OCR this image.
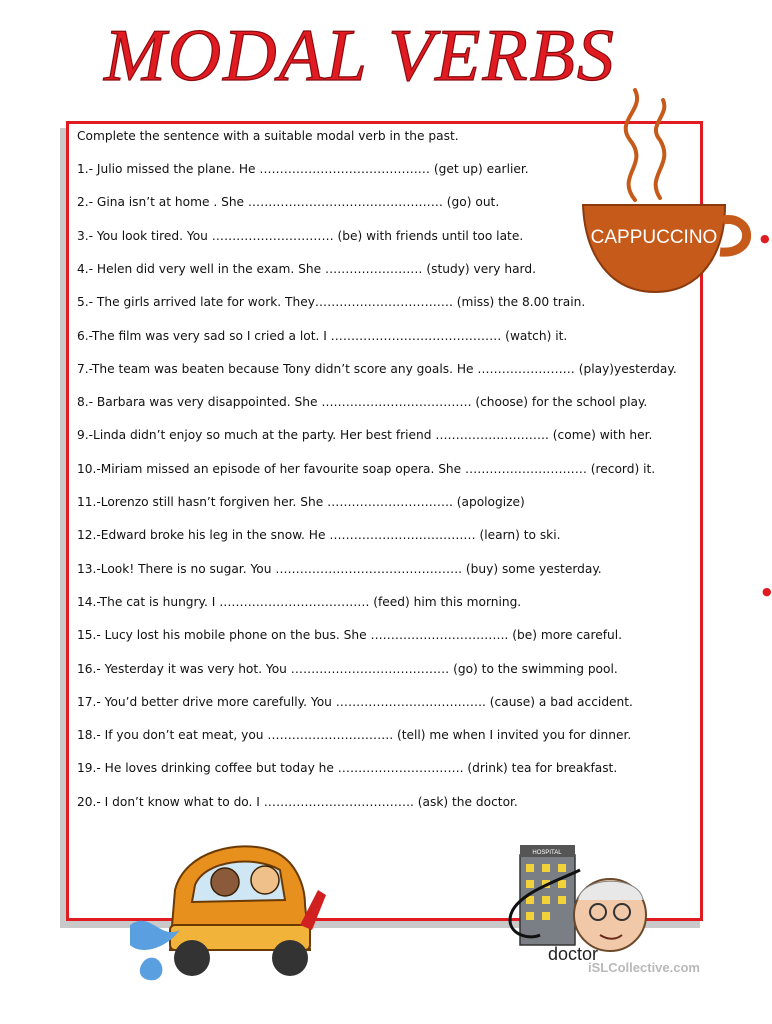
MODAL VERBS
Complete the sentence with a suitable modal verb in the past.
1.- Julio missed the plane. He …………………………………… (get up) earlier.
2.- Gina isn’t at home . She ………………………………………… (go) out.
3.- You look tired. You ………………………… (be) with friends until too late.
4.- Helen did very well in the exam. She …………………… (study) very hard.
5.- The girls arrived late for work. They……………………………. (miss) the 8.00 train.
6.-The film was very sad so I cried a lot. I …………………………………… (watch) it.
7.-The team was beaten because Tony didn’t score any goals. He …………………… (play)yesterday.
8.- Barbara was very disappointed. She ………………………………. (choose) for the school play.
9.-Linda didn’t enjoy so much at the party. Her best friend ………………………. (come) with her.
10.-Miriam missed an episode of her favourite soap opera. She ………………………… (record) it.
11.-Lorenzo still hasn’t forgiven her. She …………………………. (apologize)
12.-Edward broke his leg in the snow. He ……………………………… (learn) to ski.
13.-Look! There is no sugar. You ………………………………………. (buy) some yesterday.
14.-The cat is hungry. I ………………………………. (feed) him this morning.
15.- Lucy lost his mobile phone on the bus. She ……………………………. (be) more careful.
16.- Yesterday it was very hot. You ………………………………… (go) to the swimming pool.
17.- You’d better drive more carefully. You ………………………………. (cause) a bad accident.
18.- If you don’t eat meat, you …………………………. (tell) me when I invited you for dinner.
19.- He loves drinking coffee but today he …………………………. (drink) tea for breakfast.
20.- I don’t know what to do. I ………………………………. (ask) the doctor.
CAPPUCCINO
HOSPITAL
doctor
iSLCollective.com
●
●
